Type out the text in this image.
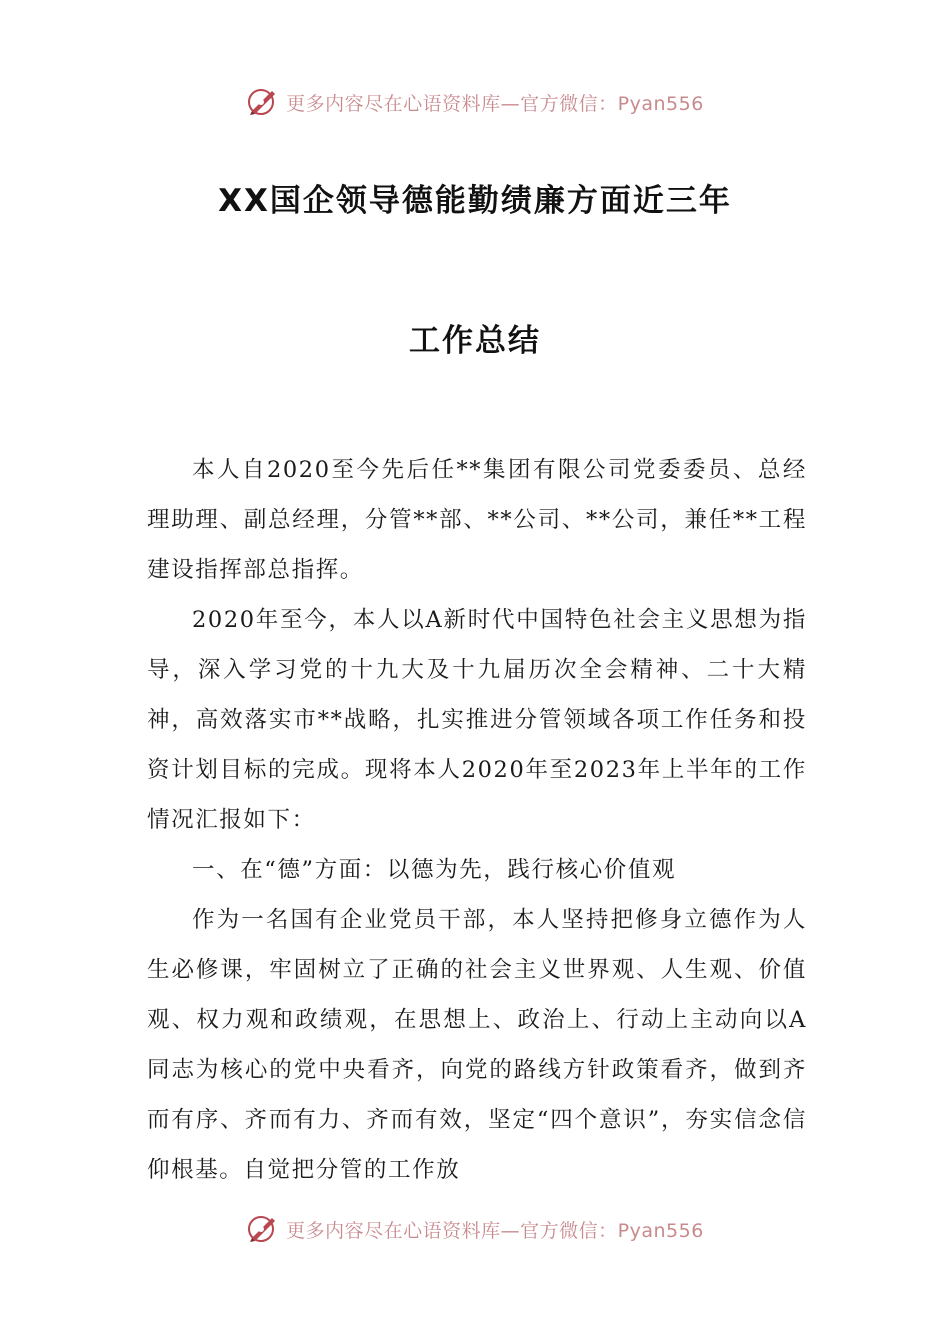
更多内容尽在心语资料库—官方微信：Pyan556
XX国企领导德能勤绩廉方面近三年
工作总结

本人自2020至今先后任**集团有限公司党委委员、总经理助理、副总经理，分管**部、**公司、**公司，兼任**工程建设指挥部总指挥。

2020年至今，本人以A新时代中国特色社会主义思想为指导，深入学习党的十九大及十九届历次全会精神、二十大精神，高效落实市**战略，扎实推进分管领域各项工作任务和投资计划目标的完成。现将本人2020年至2023年上半年的工作情况汇报如下：

一、在“德”方面：以德为先，践行核心价值观

作为一名国有企业党员干部，本人坚持把修身立德作为人生必修课，牢固树立了正确的社会主义世界观、人生观、价值观、权力观和政绩观，在思想上、政治上、行动上主动向以A同志为核心的党中央看齐，向党的路线方针政策看齐，做到齐而有序、齐而有力、齐而有效，坚定“四个意识”，夯实信念信仰根基。自觉把分管的工作放

更多内容尽在心语资料库—官方微信：Pyan556
